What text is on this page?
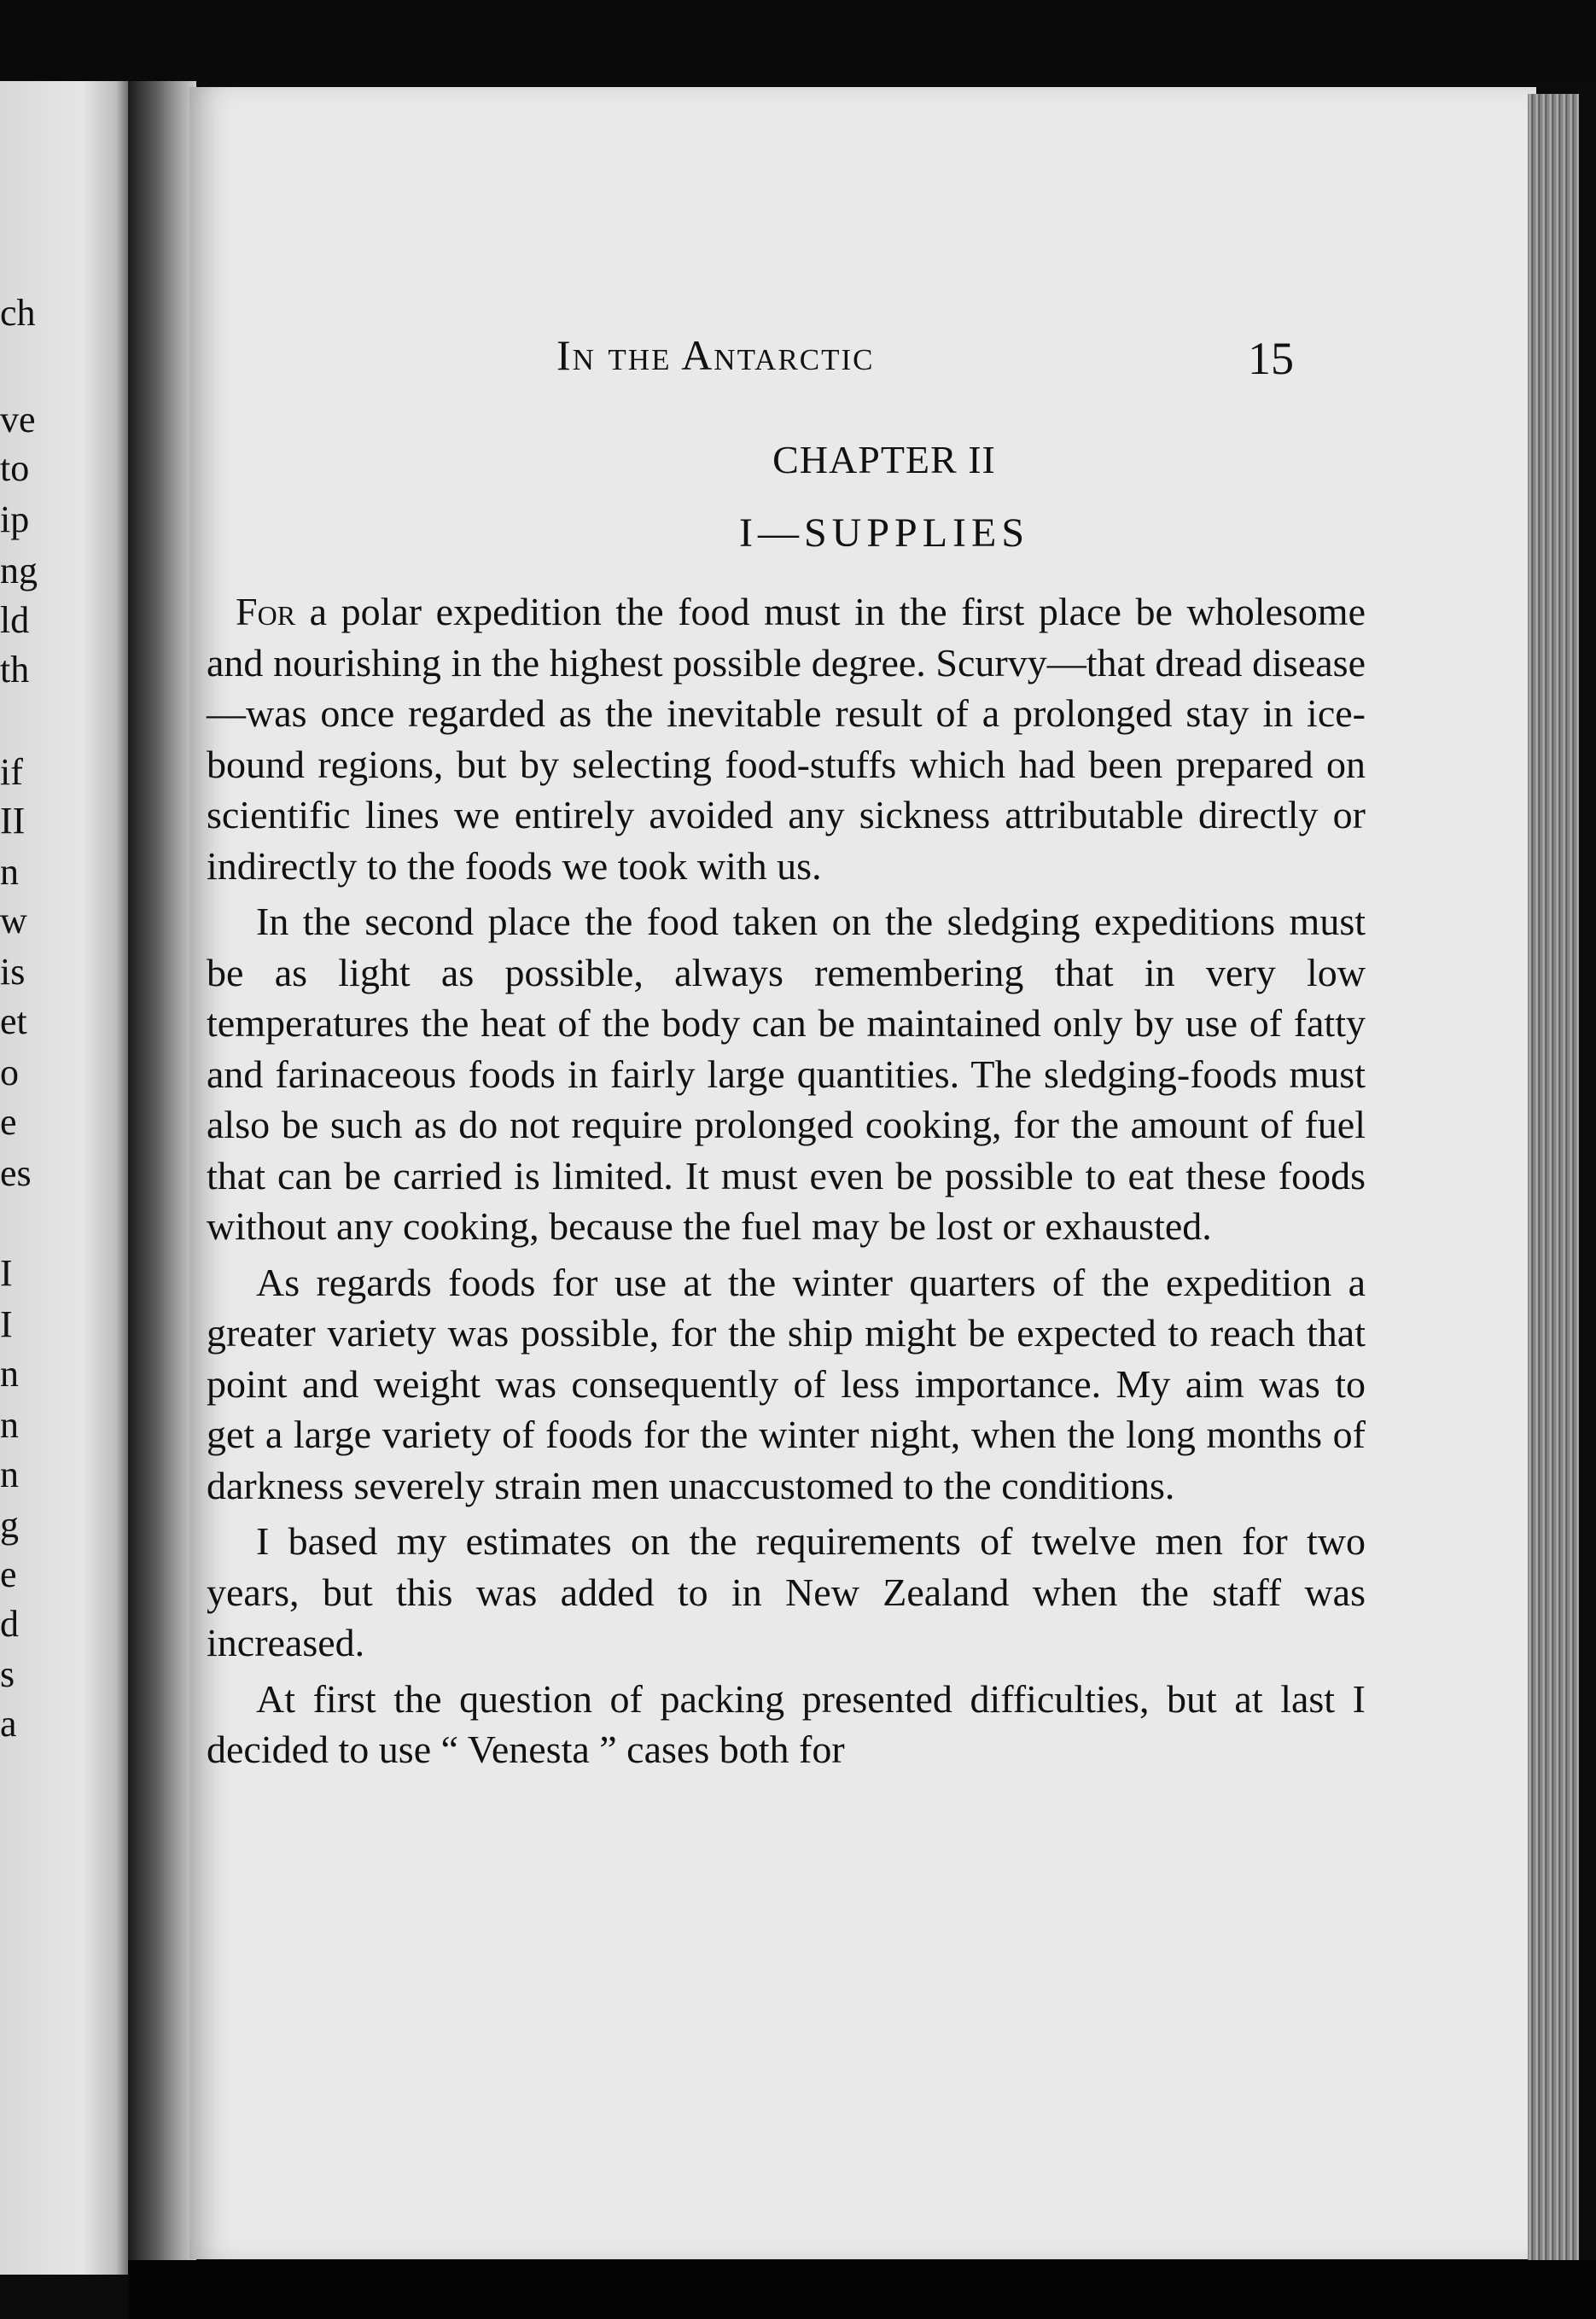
ch
ve
to
ip
ng
ld
th
if
II
n
w
is
et
o
e
es
I
I
n
n
n
g
e
d
s
a
In the Antarctic	15
CHAPTER II
I—SUPPLIES

For a polar expedition the food must in the first place be wholesome and nourishing in the highest possible degree. Scurvy—that dread disease—was once regarded as the inevitable result of a prolonged stay in ice-bound regions, but by selecting food-stuffs which had been prepared on scientific lines we entirely avoided any sickness attributable directly or indirectly to the foods we took with us.

In the second place the food taken on the sledging expeditions must be as light as possible, always remembering that in very low temperatures the heat of the body can be maintained only by use of fatty and farinaceous foods in fairly large quantities. The sledging-foods must also be such as do not require prolonged cooking, for the amount of fuel that can be carried is limited. It must even be possible to eat these foods without any cooking, because the fuel may be lost or exhausted.

As regards foods for use at the winter quarters of the expedition a greater variety was possible, for the ship might be expected to reach that point and weight was consequently of less importance. My aim was to get a large variety of foods for the winter night, when the long months of darkness severely strain men unaccustomed to the conditions.

I based my estimates on the requirements of twelve men for two years, but this was added to in New Zealand when the staff was increased.

At first the question of packing presented difficulties, but at last I decided to use “ Venesta ” cases both for
